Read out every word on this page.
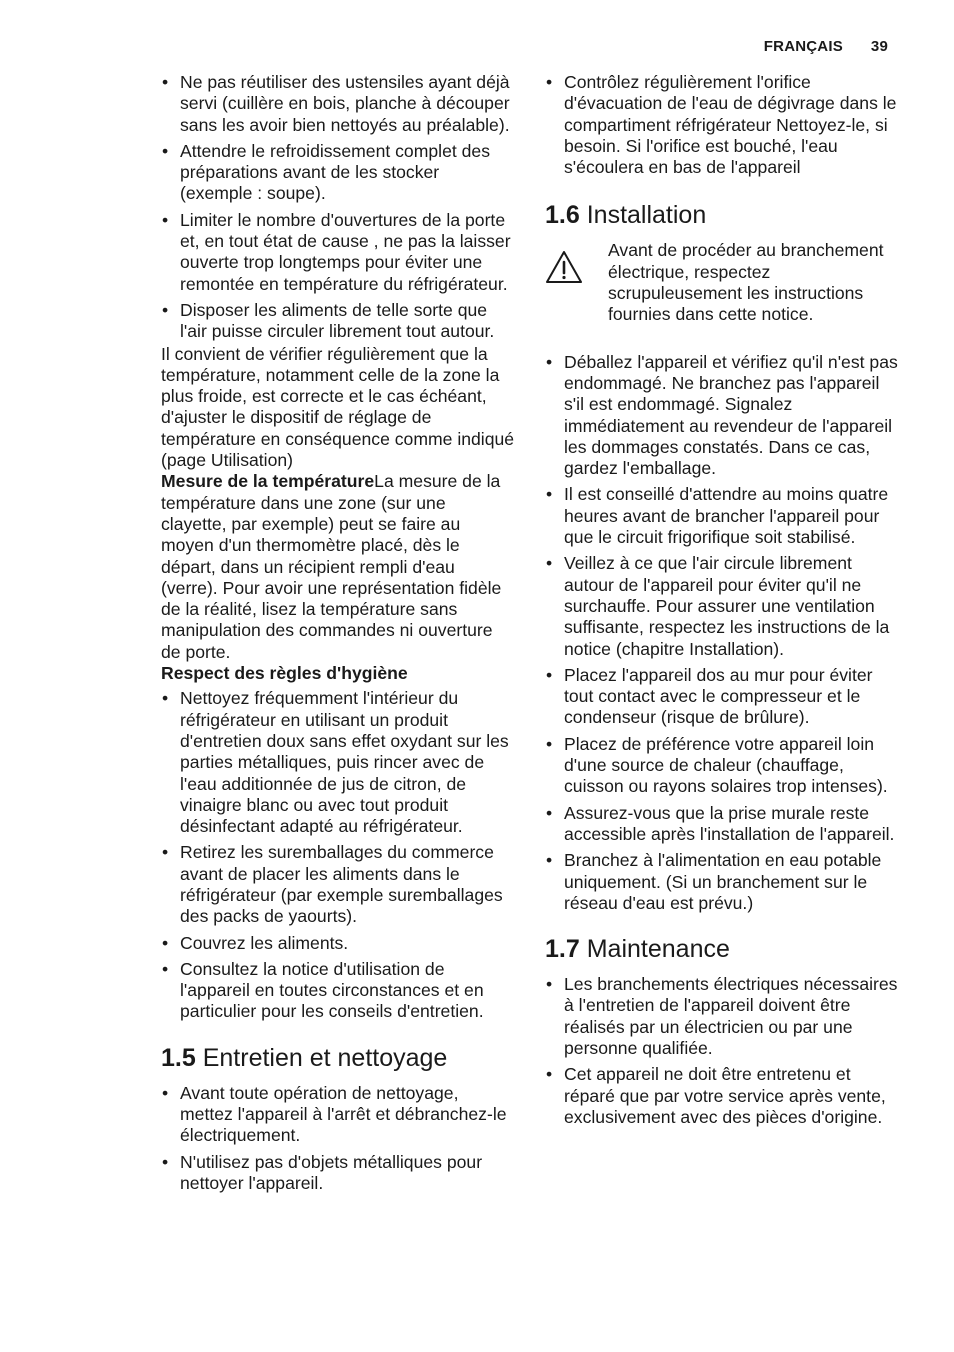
FRANÇAIS 39
• Ne pas réutiliser des ustensiles ayant déjà servi (cuillère en bois, planche à découper sans les avoir bien nettoyés au préalable).
• Attendre le refroidissement complet des préparations avant de les stocker (exemple : soupe).
• Limiter le nombre d'ouvertures de la porte et, en tout état de cause , ne pas la laisser ouverte trop longtemps pour éviter une remontée en température du réfrigérateur.
• Disposer les aliments de telle sorte que l'air puisse circuler librement tout autour.

Il convient de vérifier régulièrement que la température, notamment celle de la zone la plus froide, est correcte et le cas échéant, d'ajuster le dispositif de réglage de température en conséquence comme indiqué (page Utilisation)

Mesure de la températureLa mesure de la température dans une zone (sur une clayette, par exemple) peut se faire au moyen d'un thermomètre placé, dès le départ, dans un récipient rempli d'eau (verre). Pour avoir une représentation fidèle de la réalité, lisez la température sans manipulation des commandes ni ouverture de porte.

Respect des règles d'hygiène

• Nettoyez fréquemment l'intérieur du réfrigérateur en utilisant un produit d'entretien doux sans effet oxydant sur les parties métalliques, puis rincer avec de l'eau additionnée de jus de citron, de vinaigre blanc ou avec tout produit désinfectant adapté au réfrigérateur.
• Retirez les suremballages du commerce avant de placer les aliments dans le réfrigérateur (par exemple suremballages des packs de yaourts).
• Couvrez les aliments.
• Consultez la notice d'utilisation de l'appareil en toutes circonstances et en particulier pour les conseils d'entretien.
1.5 Entretien et nettoyage
• Avant toute opération de nettoyage, mettez l'appareil à l'arrêt et débranchez-le électriquement.
• N'utilisez pas d'objets métalliques pour nettoyer l'appareil.
• Contrôlez régulièrement l'orifice d'évacuation de l'eau de dégivrage dans le compartiment réfrigérateur Nettoyez-le, si besoin. Si l'orifice est bouché, l'eau s'écoulera en bas de l'appareil
1.6 Installation
Avant de procéder au branchement électrique, respectez scrupuleusement les instructions fournies dans cette notice.
• Déballez l'appareil et vérifiez qu'il n'est pas endommagé. Ne branchez pas l'appareil s'il est endommagé. Signalez immédiatement au revendeur de l'appareil les dommages constatés. Dans ce cas, gardez l'emballage.
• Il est conseillé d'attendre au moins quatre heures avant de brancher l'appareil pour que le circuit frigorifique soit stabilisé.
• Veillez à ce que l'air circule librement autour de l'appareil pour éviter qu'il ne surchauffe. Pour assurer une ventilation suffisante, respectez les instructions de la notice (chapitre Installation).
• Placez l'appareil dos au mur pour éviter tout contact avec le compresseur et le condenseur (risque de brûlure).
• Placez de préférence votre appareil loin d'une source de chaleur (chauffage, cuisson ou rayons solaires trop intenses).
• Assurez-vous que la prise murale reste accessible après l'installation de l'appareil.
• Branchez à l'alimentation en eau potable uniquement. (Si un branchement sur le réseau d'eau est prévu.)
1.7 Maintenance
• Les branchements électriques nécessaires à l'entretien de l'appareil doivent être réalisés par un électricien ou par une personne qualifiée.
• Cet appareil ne doit être entretenu et réparé que par votre service après vente, exclusivement avec des pièces d'origine.
